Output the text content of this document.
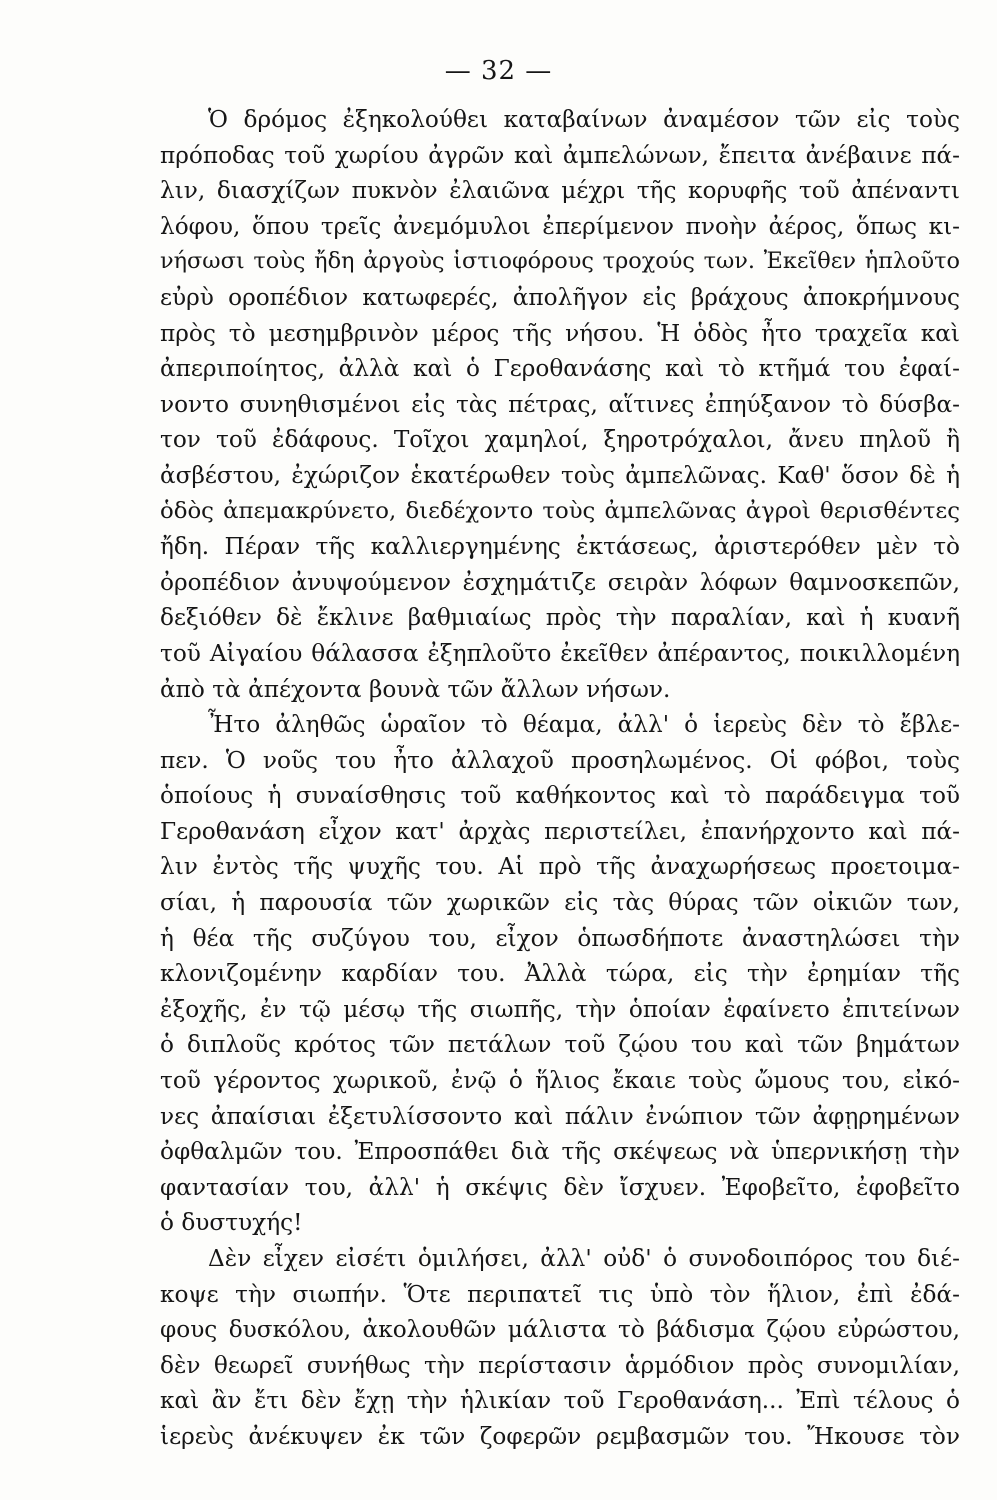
— 32 —
Ὁ δρόμος ἐξηκολούθει καταβαίνων ἀναμέσον τῶν εἰς τοὺς
πρόποδας τοῦ χωρίου ἀγρῶν καὶ ἀμπελώνων, ἔπειτα ἀνέβαινε πά-
λιν, διασχίζων πυκνὸν ἐλαιῶνα μέχρι τῆς κορυφῆς τοῦ ἀπέναντι
λόφου, ὅπου τρεῖς ἀνεμόμυλοι ἐπερίμενον πνοὴν ἀέρος, ὅπως κι-
νήσωσι τοὺς ἤδη ἀργοὺς ἱστιοφόρους τροχούς των. Ἐκεῖθεν ἡπλοῦτο
εὐρὺ οροπέδιον κατωφερές, ἀπολῆγον εἰς βράχους ἀποκρήμνους
πρὸς τὸ μεσημβρινὸν μέρος τῆς νήσου. Ἡ ὁδὸς ἦτο τραχεῖα καὶ
ἀπεριποίητος, ἀλλὰ καὶ ὁ Γεροθανάσης καὶ τὸ κτῆμά του ἐφαί-
νοντο συνηθισμένοι εἰς τὰς πέτρας, αἵτινες ἐπηύξανον τὸ δύσβα-
τον τοῦ ἐδάφους. Τοῖχοι χαμηλοί, ξηροτρόχαλοι, ἄνευ πηλοῦ ἢ
ἀσβέστου, ἐχώριζον ἑκατέρωθεν τοὺς ἀμπελῶνας. Καθ' ὅσον δὲ ἡ
ὁδὸς ἀπεμακρύνετο, διεδέχοντο τοὺς ἀμπελῶνας ἀγροὶ θερισθέντες
ἤδη. Πέραν τῆς καλλιεργημένης ἐκτάσεως, ἀριστερόθεν μὲν τὸ
ὀροπέδιον ἀνυψούμενον ἐσχημάτιζε σειρὰν λόφων θαμνοσκεπῶν,
δεξιόθεν δὲ ἔκλινε βαθμιαίως πρὸς τὴν παραλίαν, καὶ ἡ κυανῆ
τοῦ Αἰγαίου θάλασσα ἐξηπλοῦτο ἐκεῖθεν ἀπέραντος, ποικιλλομένη
ἀπὸ τὰ ἀπέχοντα βουνὰ τῶν ἄλλων νήσων.
Ἦτο ἀληθῶς ὡραῖον τὸ θέαμα, ἀλλ' ὁ ἱερεὺς δὲν τὸ ἔβλε-
πεν. Ὁ νοῦς του ἦτο ἀλλαχοῦ προσηλωμένος. Οἱ φόβοι, τοὺς
ὁποίους ἡ συναίσθησις τοῦ καθήκοντος καὶ τὸ παράδειγμα τοῦ
Γεροθανάση εἶχον κατ' ἀρχὰς περιστείλει, ἐπανήρχοντο καὶ πά-
λιν ἐντὸς τῆς ψυχῆς του. Αἱ πρὸ τῆς ἀναχωρήσεως προετοιμα-
σίαι, ἡ παρουσία τῶν χωρικῶν εἰς τὰς θύρας τῶν οἰκιῶν των,
ἡ θέα τῆς συζύγου του, εἶχον ὁπωσδήποτε ἀναστηλώσει τὴν
κλονιζομένην καρδίαν του. Ἀλλὰ τώρα, εἰς τὴν ἐρημίαν τῆς
ἐξοχῆς, ἐν τῷ μέσῳ τῆς σιωπῆς, τὴν ὁποίαν ἐφαίνετο ἐπιτείνων
ὁ διπλοῦς κρότος τῶν πετάλων τοῦ ζῴου του καὶ τῶν βημάτων
τοῦ γέροντος χωρικοῦ, ἐνῷ ὁ ἥλιος ἔκαιε τοὺς ὤμους του, εἰκό-
νες ἀπαίσιαι ἐξετυλίσσοντο καὶ πάλιν ἐνώπιον τῶν ἀφῃρημένων
ὀφθαλμῶν του. Ἐπροσπάθει διὰ τῆς σκέψεως νὰ ὑπερνικήσῃ τὴν
φαντασίαν του, ἀλλ' ἡ σκέψις δὲν ἴσχυεν. Ἐφοβεῖτο, ἐφοβεῖτο
ὁ δυστυχής!
Δὲν εἶχεν εἰσέτι ὁμιλήσει, ἀλλ' οὐδ' ὁ συνοδοιπόρος του διέ-
κοψε τὴν σιωπήν. Ὅτε περιπατεῖ τις ὑπὸ τὸν ἥλιον, ἐπὶ ἐδά-
φους δυσκόλου, ἀκολουθῶν μάλιστα τὸ βάδισμα ζῴου εὐρώστου,
δὲν θεωρεῖ συνήθως τὴν περίστασιν ἁρμόδιον πρὸς συνομιλίαν,
καὶ ἂν ἔτι δὲν ἔχῃ τὴν ἡλικίαν τοῦ Γεροθανάση... Ἐπὶ τέλους ὁ
ἱερεὺς ἀνέκυψεν ἐκ τῶν ζοφερῶν ρεμβασμῶν του. Ἤκουσε τὸν
